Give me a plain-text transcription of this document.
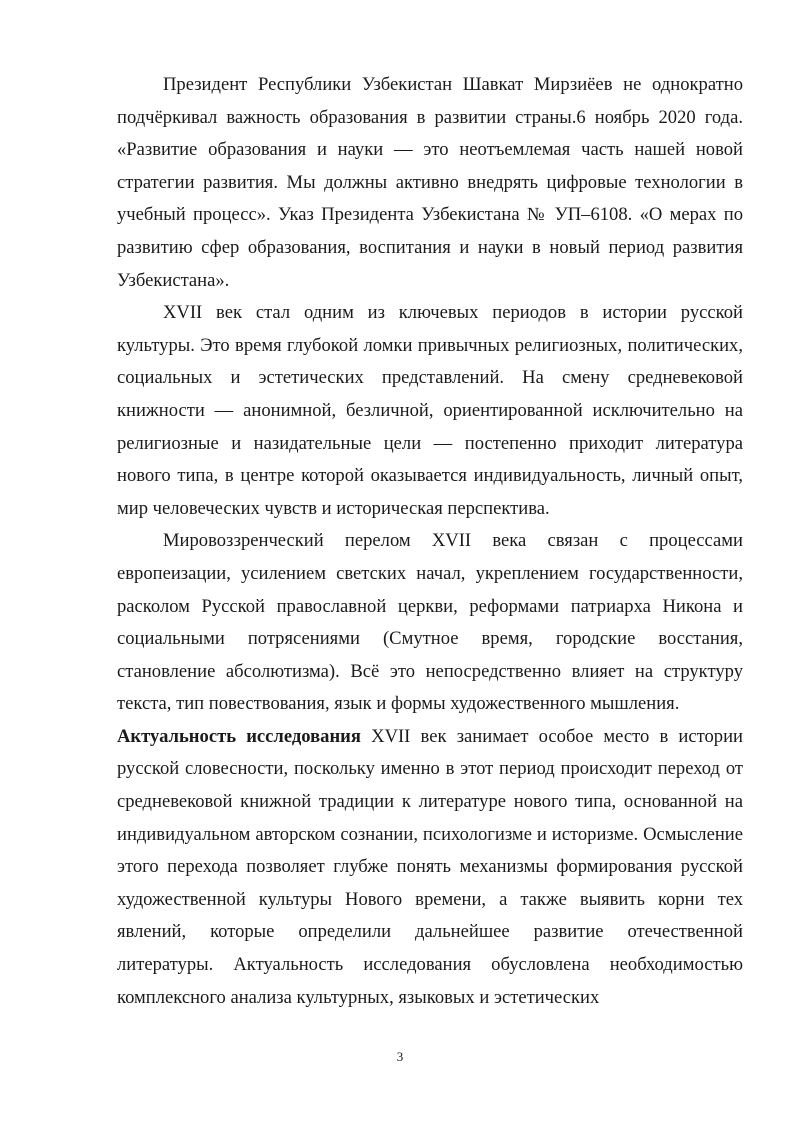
Президент Республики Узбекистан Шавкат Мирзиёев не однократно подчёркивал важность образования в развитии страны.6 ноябрь 2020 года. «Развитие образования и науки — это неотъемлемая часть нашей новой стратегии развития. Мы должны активно внедрять цифровые технологии в учебный процесс». Указ Президента Узбекистана № УП–6108. «О мерах по развитию сфер образования, воспитания и науки в новый период развития Узбекистана».

XVII век стал одним из ключевых периодов в истории русской культуры. Это время глубокой ломки привычных религиозных, политических, социальных и эстетических представлений. На смену средневековой книжности — анонимной, безличной, ориентированной исключительно на религиозные и назидательные цели — постепенно приходит литература нового типа, в центре которой оказывается индивидуальность, личный опыт, мир человеческих чувств и историческая перспектива.

Мировоззренческий перелом XVII века связан с процессами европеизации, усилением светских начал, укреплением государственности, расколом Русской православной церкви, реформами патриарха Никона и социальными потрясениями (Смутное время, городские восстания, становление абсолютизма). Всё это непосредственно влияет на структуру текста, тип повествования, язык и формы художественного мышления.

Актуальность исследования XVII век занимает особое место в истории русской словесности, поскольку именно в этот период происходит переход от средневековой книжной традиции к литературе нового типа, основанной на индивидуальном авторском сознании, психологизме и историзме. Осмысление этого перехода позволяет глубже понять механизмы формирования русской художественной культуры Нового времени, а также выявить корни тех явлений, которые определили дальнейшее развитие отечественной литературы. Актуальность исследования обусловлена необходимостью комплексного анализа культурных, языковых и эстетических

3
